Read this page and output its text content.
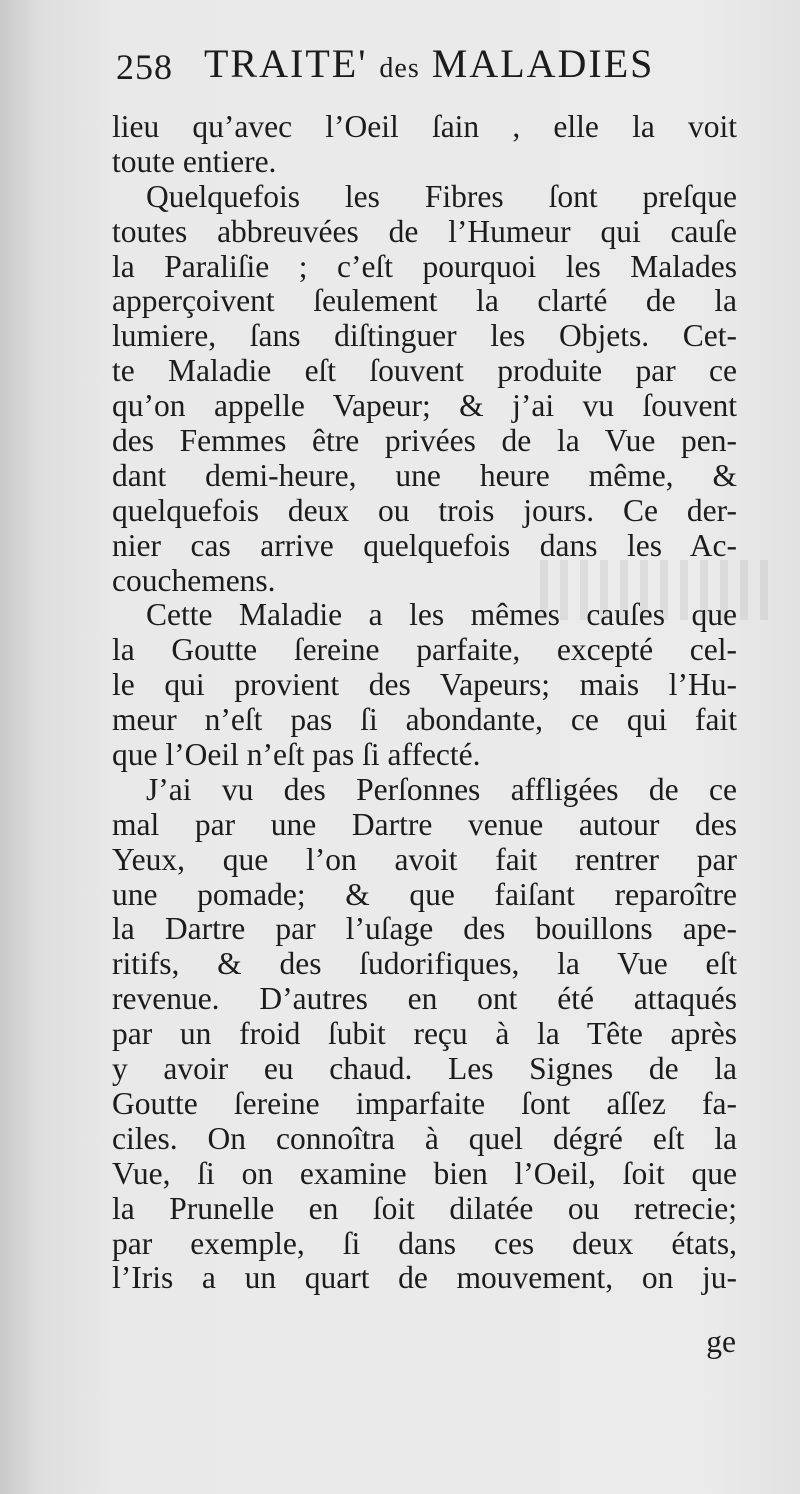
258 TRAITE' des MALADIES
lieu qu’avec l’Oeil ſain , elle la voit
toute entiere.
Quelquefois les Fibres ſont preſque
toutes abbreuvées de l’Humeur qui cauſe
la Paraliſie ; c’eſt pourquoi les Malades
apperçoivent ſeulement la clarté de la
lumiere, ſans diſtinguer les Objets. Cet-
te Maladie eſt ſouvent produite par ce
qu’on appelle Vapeur; & j’ai vu ſouvent
des Femmes être privées de la Vue pen-
dant demi-heure, une heure même, &
quelquefois deux ou trois jours. Ce der-
nier cas arrive quelquefois dans les Ac-
couchemens.
Cette Maladie a les mêmes cauſes que
la Goutte ſereine parfaite, excepté cel-
le qui provient des Vapeurs; mais l’Hu-
meur n’eſt pas ſi abondante, ce qui fait
que l’Oeil n’eſt pas ſi affecté.
J’ai vu des Perſonnes affligées de ce
mal par une Dartre venue autour des
Yeux, que l’on avoit fait rentrer par
une pomade; & que faiſant reparoître
la Dartre par l’uſage des bouillons ape-
ritifs, & des ſudorifiques, la Vue eſt
revenue. D’autres en ont été attaqués
par un froid ſubit reçu à la Tête après
y avoir eu chaud. Les Signes de la
Goutte ſereine imparfaite ſont aſſez fa-
ciles. On connoîtra à quel dégré eſt la
Vue, ſi on examine bien l’Oeil, ſoit que
la Prunelle en ſoit dilatée ou retrecie;
par exemple, ſi dans ces deux états,
l’Iris a un quart de mouvement, on ju-
ge
